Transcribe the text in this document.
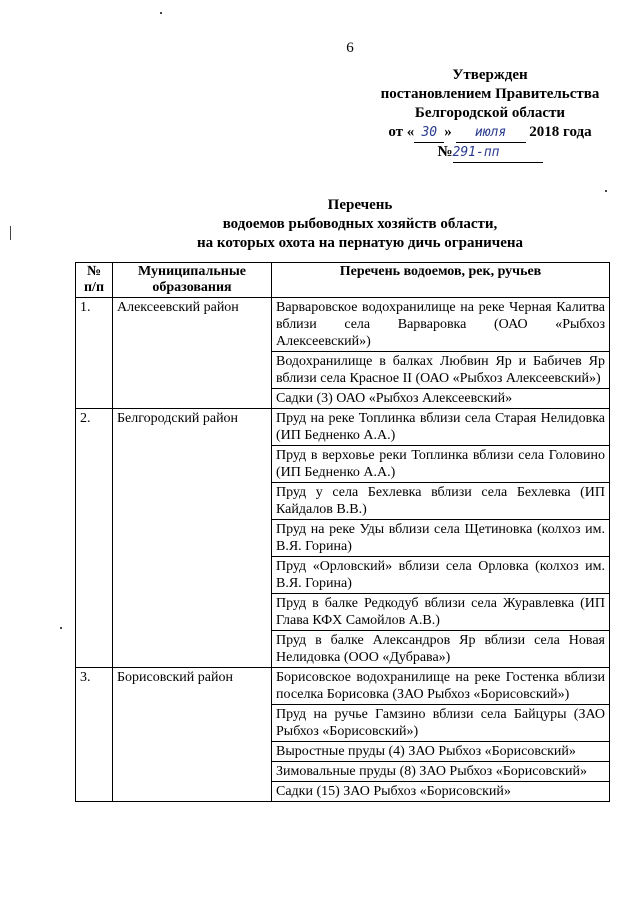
6
Утвержден
постановлением Правительства
Белгородской области
от « 30 » июля 2018 года
№291-пп
Перечень
водоемов рыбоводных хозяйств области,
на которых охота на пернатую дичь ограничена
№ п/п	Муниципальные образования	Перечень водоемов, рек, ручьев
1.	Алексеевский район	Варваровское водохранилище на реке Черная Калитва вблизи села Варваровка (ОАО «Рыбхоз Алексеевский»)
		Водохранилище в балках Любвин Яр и Бабичев Яр вблизи села Красное II (ОАО «Рыбхоз Алексеевский»)
		Садки (3) ОАО «Рыбхоз Алексеевский»
2.	Белгородский район	Пруд на реке Топлинка вблизи села Старая Нелидовка (ИП Бедненко А.А.)
		Пруд в верховье реки Топлинка вблизи села Головино (ИП Бедненко А.А.)
		Пруд у села Бехлевка вблизи села Бехлевка (ИП Кайдалов В.В.)
		Пруд на реке Уды вблизи села Щетиновка (колхоз им. В.Я. Горина)
		Пруд «Орловский» вблизи села Орловка (колхоз им. В.Я. Горина)
		Пруд в балке Редкодуб вблизи села Журавлевка (ИП Глава КФХ Самойлов А.В.)
		Пруд в балке Александров Яр вблизи села Новая Нелидовка (ООО «Дубрава»)
3.	Борисовский район	Борисовское водохранилище на реке Гостенка вблизи поселка Борисовка (ЗАО Рыбхоз «Борисовский»)
		Пруд на ручье Гамзино вблизи села Байцуры (ЗАО Рыбхоз «Борисовский»)
		Выростные пруды (4) ЗАО Рыбхоз «Борисовский»
		Зимовальные пруды (8) ЗАО Рыбхоз «Борисовский»
		Садки (15) ЗАО Рыбхоз «Борисовский»
